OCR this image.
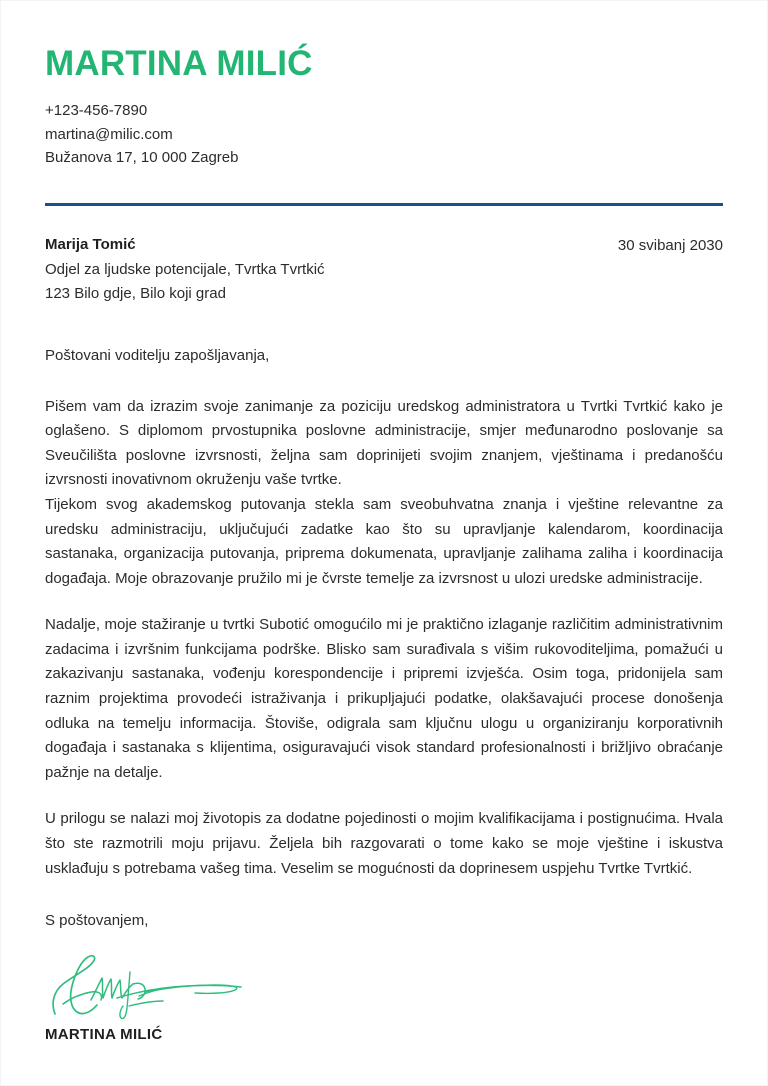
MARTINA MILIĆ
+123-456-7890
martina@milic.com
Bužanova 17, 10 000 Zagreb
Marija Tomić
Odjel za ljudske potencijale, Tvrtka Tvrtkić
123 Bilo gdje, Bilo koji grad
30 svibanj 2030

Poštovani voditelju zapošljavanja,

Pišem vam da izrazim svoje zanimanje za poziciju uredskog administratora u Tvrtki Tvrtkić kako je oglašeno. S diplomom prvostupnika poslovne administracije, smjer međunarodno poslovanje sa Sveučilišta poslovne izvrsnosti, željna sam doprinijeti svojim znanjem, vještinama i predanošću izvrsnosti inovativnom okruženju vaše tvrtke.

Tijekom svog akademskog putovanja stekla sam sveobuhvatna znanja i vještine relevantne za uredsku administraciju, uključujući zadatke kao što su upravljanje kalendarom, koordinacija sastanaka, organizacija putovanja, priprema dokumenata, upravljanje zalihama zaliha i koordinacija događaja. Moje obrazovanje pružilo mi je čvrste temelje za izvrsnost u ulozi uredske administracije.

Nadalje, moje stažiranje u tvrtki Subotić omogućilo mi je praktično izlaganje različitim administrativnim zadacima i izvršnim funkcijama podrške. Blisko sam surađivala s višim rukovoditeljima, pomažući u zakazivanju sastanaka, vođenju korespondencije i pripremi izvješća. Osim toga, pridonijela sam raznim projektima provodeći istraživanja i prikupljajući podatke, olakšavajući procese donošenja odluka na temelju informacija. Štoviše, odigrala sam ključnu ulogu u organiziranju korporativnih događaja i sastanaka s klijentima, osiguravajući visok standard profesionalnosti i brižljivo obraćanje pažnje na detalje.

U prilogu se nalazi moj životopis za dodatne pojedinosti o mojim kvalifikacijama i postignućima. Hvala što ste razmotrili moju prijavu. Željela bih razgovarati o tome kako se moje vještine i iskustva usklađuju s potrebama vašeg tima. Veselim se mogućnosti da doprinesem uspjehu Tvrtke Tvrtkić.

S poštovanjem,
MARTINA MILIĆ
